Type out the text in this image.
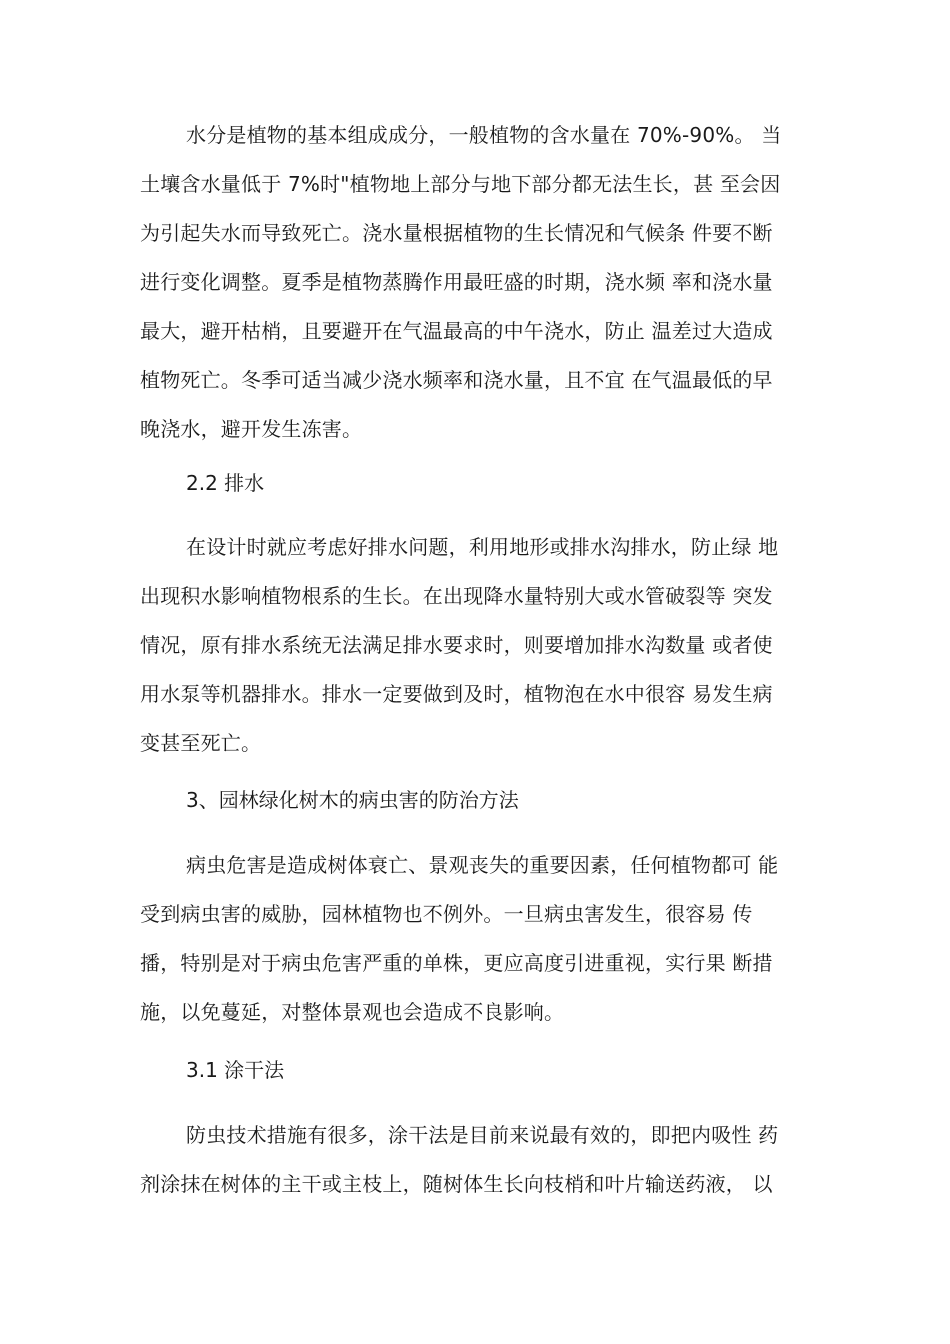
水分是植物的基本组成成分，一般植物的含水量在 70%-90%。 当
土壤含水量低于 7%时"植物地上部分与地下部分都无法生长，甚 至会因
为引起失水而导致死亡。浇水量根据植物的生长情况和气候条 件要不断
进行变化调整。夏季是植物蒸腾作用最旺盛的时期，浇水频 率和浇水量
最大，避开枯梢，且要避开在气温最高的中午浇水，防止 温差过大造成
植物死亡。冬季可适当减少浇水频率和浇水量，且不宜 在气温最低的早
晚浇水，避开发生冻害。
2.2 排水
在设计时就应考虑好排水问题，利用地形或排水沟排水，防止绿 地
出现积水影响植物根系的生长。在出现降水量特别大或水管破裂等 突发
情况，原有排水系统无法满足排水要求时，则要增加排水沟数量 或者使
用水泵等机器排水。排水一定要做到及时，植物泡在水中很容 易发生病
变甚至死亡。
3、园林绿化树木的病虫害的防治方法
病虫危害是造成树体衰亡、景观丧失的重要因素，任何植物都可 能
受到病虫害的威胁，园林植物也不例外。一旦病虫害发生，很容易 传
播，特别是对于病虫危害严重的单株，更应高度引进重视，实行果 断措
施，以免蔓延，对整体景观也会造成不良影响。
3.1 涂干法
防虫技术措施有很多，涂干法是目前来说最有效的，即把内吸性 药
剂涂抹在树体的主干或主枝上，随树体生长向枝梢和叶片输送药液， 以
